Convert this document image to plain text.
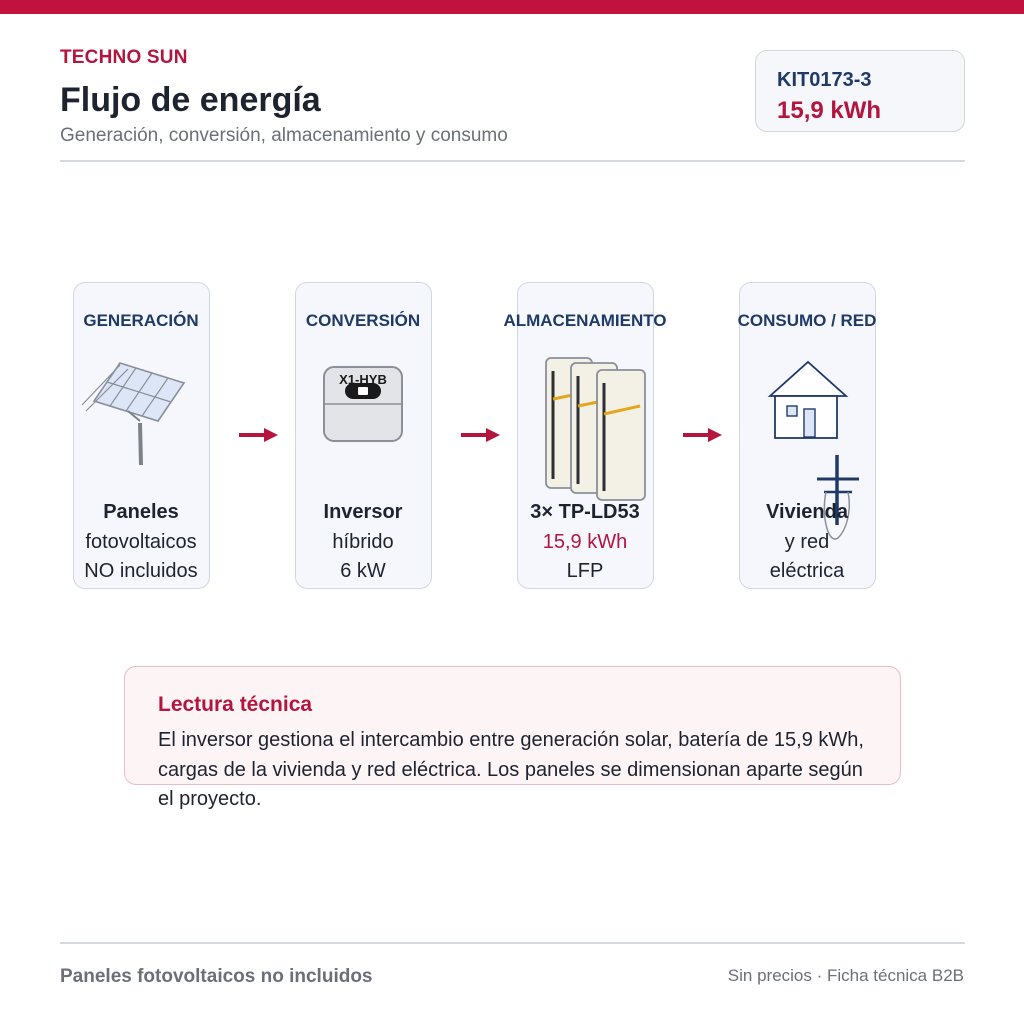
TECHNO SUN
Flujo de energía
Generación, conversión, almacenamiento y consumo
KIT0173-3
15,9 kWh
GENERACIÓN
Paneles
fotovoltaicos
NO incluidos
CONVERSIÓN
X1-HYB
Inversor
híbrido
6 kW
ALMACENAMIENTO
3× TP-LD53
15,9 kWh
LFP
CONSUMO / RED
Vivienda
y red
eléctrica
Lectura técnica
El inversor gestiona el intercambio entre generación solar, batería de 15,9 kWh, cargas de la vivienda y red eléctrica. Los paneles se dimensionan aparte según el proyecto.
Paneles fotovoltaicos no incluidos	Sin precios · Ficha técnica B2B
